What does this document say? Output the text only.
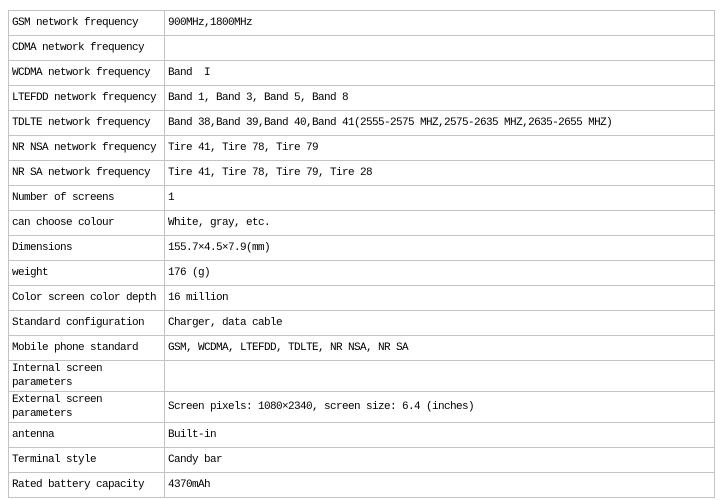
GSM network frequency	900MHz,1800MHz
CDMA network frequency	
WCDMA network frequency	Band  I
LTEFDD network frequency	Band 1, Band 3, Band 5, Band 8
TDLTE network frequency	Band 38,Band 39,Band 40,Band 41(2555-2575 MHZ,2575-2635 MHZ,2635-2655 MHZ)
NR NSA network frequency	Tire 41, Tire 78, Tire 79
NR SA network frequency	Tire 41, Tire 78, Tire 79, Tire 28
Number of screens	1
can choose colour	White, gray, etc.
Dimensions	155.7×4.5×7.9(mm)
weight	176 (g)
Color screen color depth	16 million
Standard configuration	Charger, data cable
Mobile phone standard	GSM, WCDMA, LTEFDD, TDLTE, NR NSA, NR SA
Internal screen parameters	
External screen parameters	Screen pixels: 1080×2340, screen size: 6.4 (inches)
antenna	Built-in
Terminal style	Candy bar
Rated battery capacity	4370mAh
